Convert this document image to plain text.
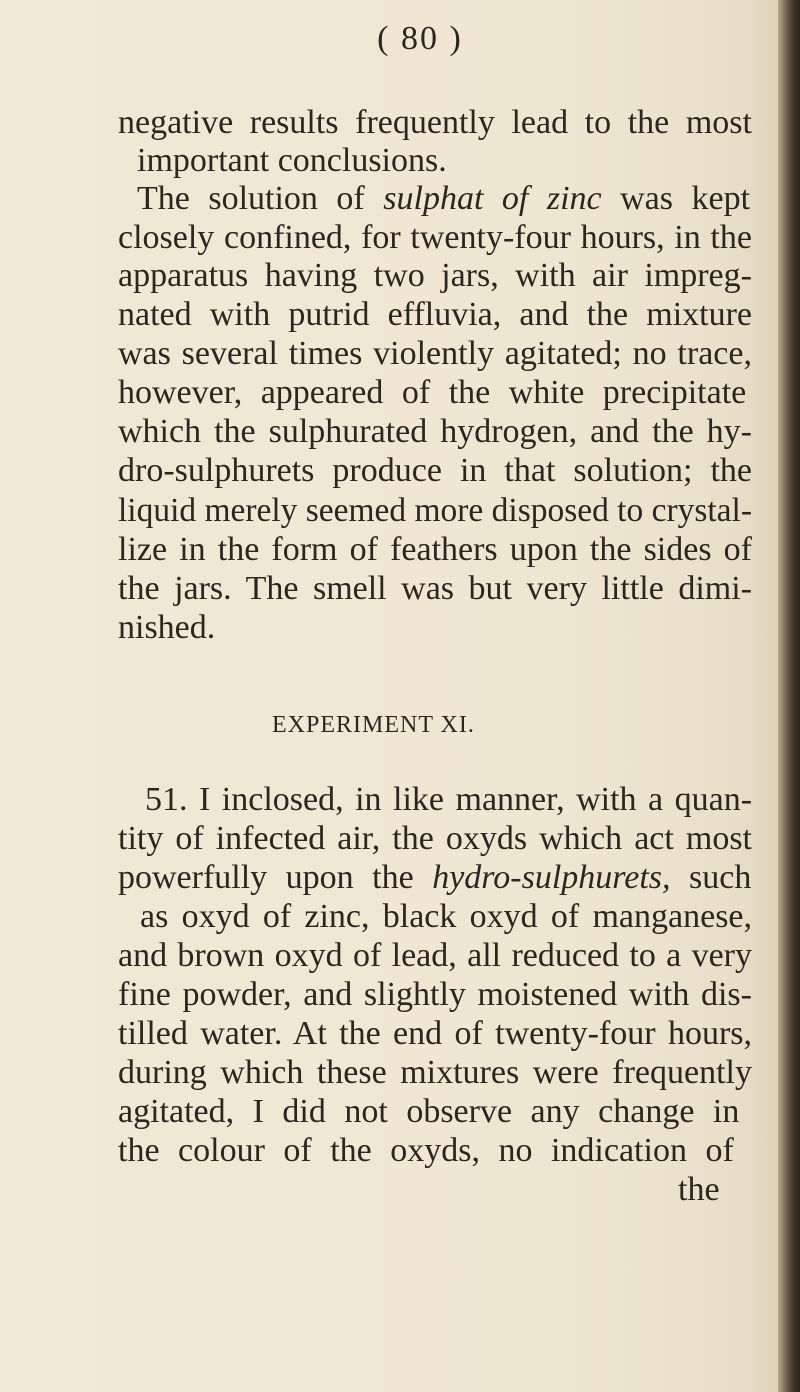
( 80 )
negative results frequently lead to the most
important conclusions.
The solution of sulphat of zinc was kept
closely confined, for twenty-four hours, in the
apparatus having two jars, with air impreg-
nated with putrid effluvia, and the mixture
was several times violently agitated; no trace,
however, appeared of the white precipitate
which the sulphurated hydrogen, and the hy-
dro-sulphurets produce in that solution; the
liquid merely seemed more disposed to crystal-
lize in the form of feathers upon the sides of
the jars. The smell was but very little dimi-
nished.
EXPERIMENT XI.
51. I inclosed, in like manner, with a quan-
tity of infected air, the oxyds which act most
powerfully upon the hydro-sulphurets, such
as oxyd of zinc, black oxyd of manganese,
and brown oxyd of lead, all reduced to a very
fine powder, and slightly moistened with dis-
tilled water. At the end of twenty-four hours,
during which these mixtures were frequently
agitated, I did not observe any change in
the colour of the oxyds, no indication of
the
